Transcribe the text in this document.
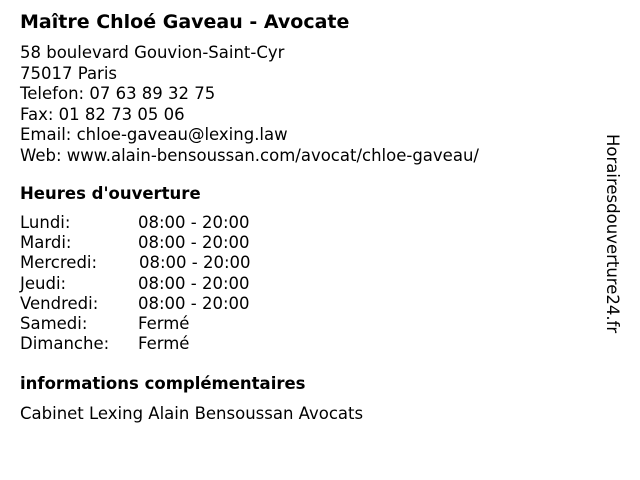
Maître Chloé Gaveau - Avocate
58 boulevard Gouvion-Saint-Cyr
75017 Paris
Telefon: 07 63 89 32 75
Fax: 01 82 73 05 06
Email: chloe-gaveau@lexing.law
Web: www.alain-bensoussan.com/avocat/chloe-gaveau/
Heures d'ouverture
Lundi:	08:00 - 20:00
Mardi:	08:00 - 20:00
Mercredi:	08:00 - 20:00
Jeudi:	08:00 - 20:00
Vendredi: 08:00 - 20:00
Samedi:	Fermé
Dimanche: Fermé
informations complémentaires
Cabinet Lexing Alain Bensoussan Avocats
Horairesdouverture24.fr
